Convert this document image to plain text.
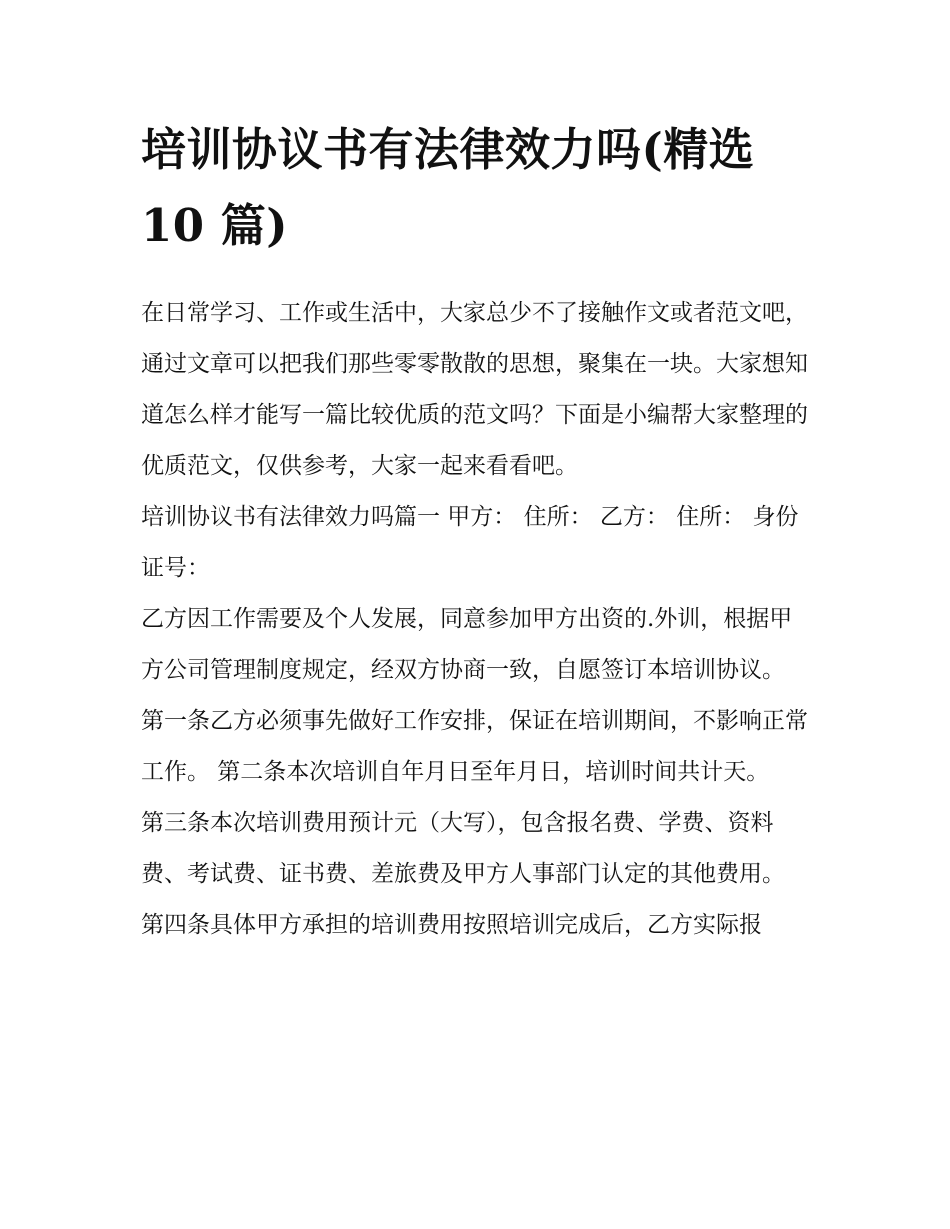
培训协议书有法律效力吗(精选 10 篇)

在日常学习、工作或生活中，大家总少不了接触作文或者范文吧，通过文章可以把我们那些零零散散的思想，聚集在一块。大家想知道怎么样才能写一篇比较优质的范文吗？下面是小编帮大家整理的优质范文，仅供参考，大家一起来看看吧。

培训协议书有法律效力吗篇一 甲方： 住所： 乙方： 住所： 身份证号：

乙方因工作需要及个人发展，同意参加甲方出资的.外训，根据甲方公司管理制度规定，经双方协商一致，自愿签订本培训协议。

第一条乙方必须事先做好工作安排，保证在培训期间，不影响正常工作。 第二条本次培训自年月日至年月日，培训时间共计天。

第三条本次培训费用预计元（大写），包含报名费、学费、资料费、考试费、证书费、差旅费及甲方人事部门认定的其他费用。

第四条具体甲方承担的培训费用按照培训完成后，乙方实际报
